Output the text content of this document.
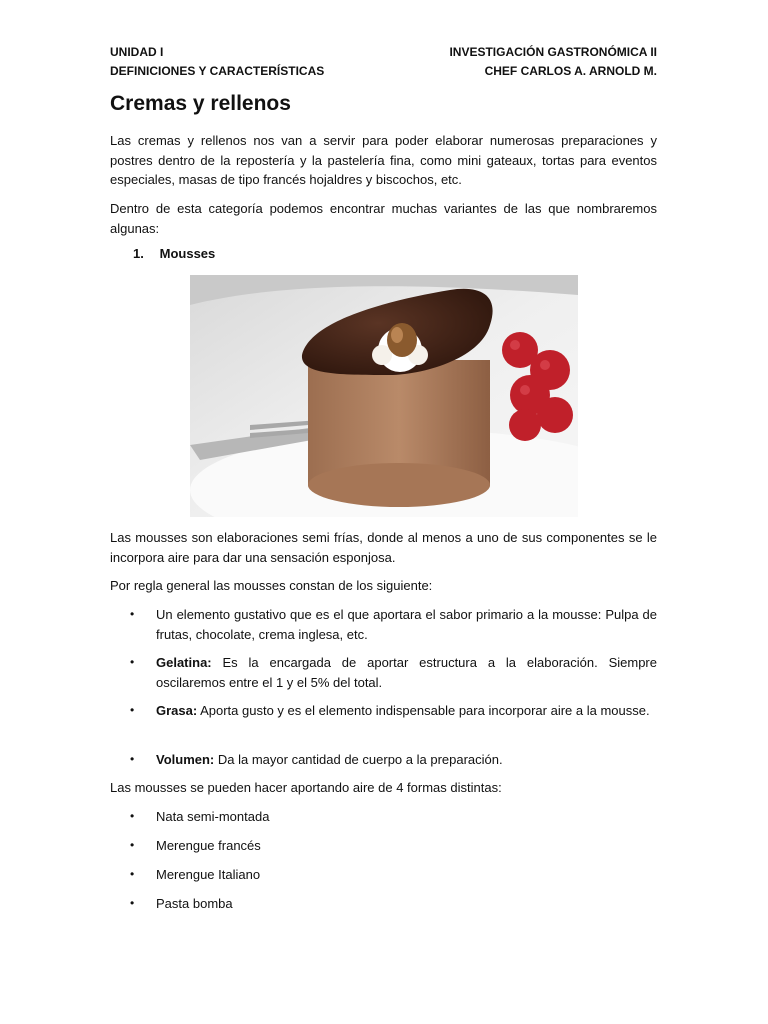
UNIDAD I	INVESTIGACIÓN GASTRONÓMICA II
DEFINICIONES Y CARACTERÍSTICAS	CHEF CARLOS A. ARNOLD M.
Cremas y rellenos

Las cremas y rellenos nos van a servir para poder elaborar numerosas preparaciones y postres dentro de la repostería y la pastelería fina, como mini gateaux, tortas para eventos especiales, masas de tipo francés hojaldres y biscochos, etc.

Dentro de esta categoría podemos encontrar muchas variantes de las que nombraremos algunas:

1. Mousses

Las mousses son elaboraciones semi frías, donde al menos a uno de sus componentes se le incorpora aire para dar una sensación esponjosa.

Por regla general las mousses constan de los siguiente:

• Un elemento gustativo que es el que aportara el sabor primario a la mousse: Pulpa de frutas, chocolate, crema inglesa, etc.
• Gelatina: Es la encargada de aportar estructura a la elaboración. Siempre oscilaremos entre el 1 y el 5% del total.
• Grasa: Aporta gusto y es el elemento indispensable para incorporar aire a la mousse.
• Volumen: Da la mayor cantidad de cuerpo a la preparación.

Las mousses se pueden hacer aportando aire de 4 formas distintas:

• Nata semi-montada
• Merengue francés
• Merengue Italiano
• Pasta bomba
